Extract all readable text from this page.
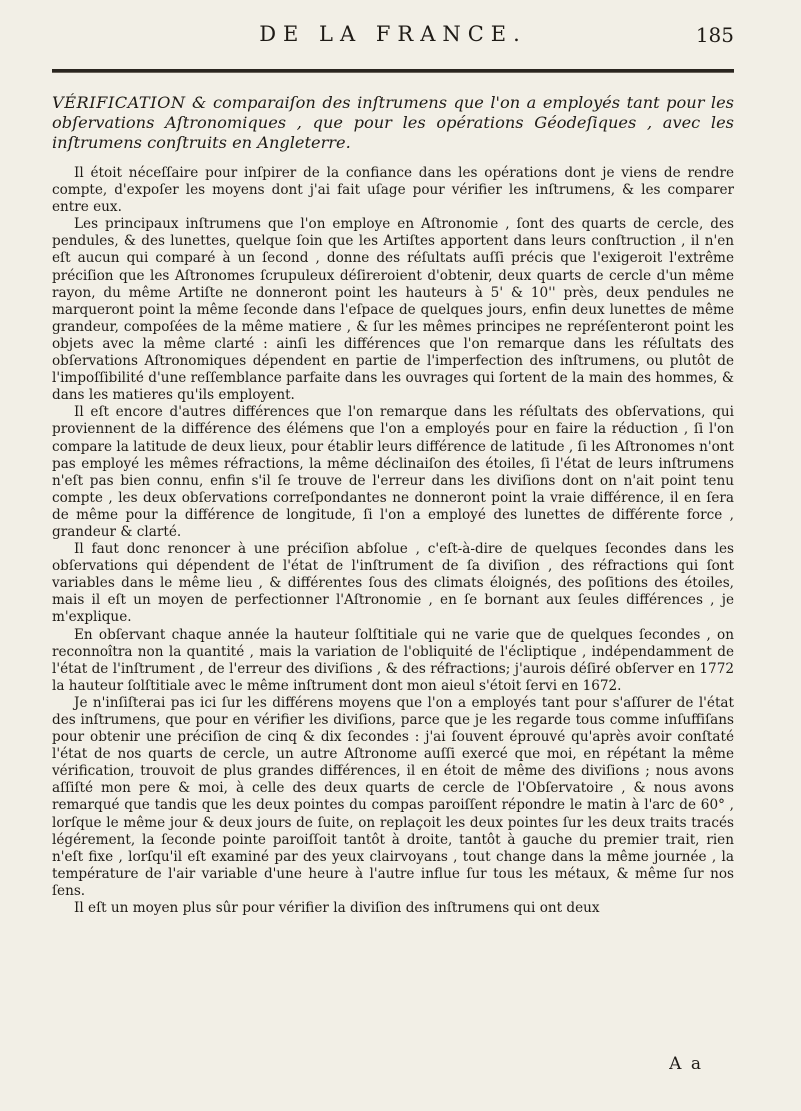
DE LA FRANCE.	185
VÉRIFICATION & comparaiſon des inſtrumens que l'on a employés tant pour les obſervations Aſtronomiques , que pour les opérations Géodeſiques , avec les inſtrumens conſtruits en Angleterre.

Il étoit néceſſaire pour inſpirer de la confiance dans les opérations dont je viens de rendre compte, d'expoſer les moyens dont j'ai fait uſage pour vérifier les inſtrumens, & les comparer entre eux.

Les principaux inſtrumens que l'on employe en Aſtronomie , ſont des quarts de cercle, des pendules, & des lunettes, quelque ſoin que les Artiſtes apportent dans leurs conſtruction , il n'en eſt aucun qui comparé à un ſecond , donne des réſultats auſſi précis que l'exigeroit l'extrême préciſion que les Aſtronomes ſcrupuleux déſireroient d'obtenir, deux quarts de cercle d'un même rayon, du même Artiſte ne donneront point les hauteurs à 5' & 10'' près, deux pendules ne marqueront point la même ſeconde dans l'eſpace de quelques jours, enfin deux lunettes de même grandeur, compoſées de la même matiere , & ſur les mêmes principes ne repréſenteront point les objets avec la même clarté : ainſi les différences que l'on remarque dans les réſultats des obſervations Aſtronomiques dépendent en partie de l'imperfection des inſtrumens, ou plutôt de l'impoſſibilité d'une reſſemblance parfaite dans les ouvrages qui ſortent de la main des hommes, & dans les matieres qu'ils employent.

Il eſt encore d'autres différences que l'on remarque dans les réſultats des obſervations, qui proviennent de la différence des élémens que l'on a employés pour en faire la réduction , ſi l'on compare la latitude de deux lieux, pour établir leurs différence de latitude , ſi les Aſtronomes n'ont pas employé les mêmes réfractions, la même déclinaiſon des étoiles, ſi l'état de leurs inſtrumens n'eſt pas bien connu, enfin s'il ſe trouve de l'erreur dans les diviſions dont on n'ait point tenu compte , les deux obſervations correſpondantes ne donneront point la vraie différence, il en ſera de même pour la différence de longitude, ſi l'on a employé des lunettes de différente force , grandeur & clarté.

Il faut donc renoncer à une préciſion abſolue , c'eſt-à-dire de quelques ſecondes dans les obſervations qui dépendent de l'état de l'inſtrument de ſa diviſion , des réfractions qui ſont variables dans le même lieu , & différentes ſous des climats éloignés, des poſitions des étoiles, mais il eſt un moyen de perfectionner l'Aſtronomie , en ſe bornant aux ſeules différences , je m'explique.

En obſervant chaque année la hauteur ſolſtitiale qui ne varie que de quelques ſecondes , on reconnoîtra non la quantité , mais la variation de l'obliquité de l'écliptique , indépendamment de l'état de l'inſtrument , de l'erreur des diviſions , & des réfractions; j'aurois déſiré obſerver en 1772 la hauteur ſolſtitiale avec le même inſtrument dont mon aieul s'étoit ſervi en 1672.

Je n'inſiſterai pas ici ſur les différens moyens que l'on a employés tant pour s'aſſurer de l'état des inſtrumens, que pour en vérifier les diviſions, parce que je les regarde tous comme inſuffiſans pour obtenir une préciſion de cinq & dix ſecondes : j'ai ſouvent éprouvé qu'après avoir conſtaté l'état de nos quarts de cercle, un autre Aſtronome auſſi exercé que moi, en répétant la même vérification, trouvoit de plus grandes différences, il en étoit de même des diviſions ; nous avons aſſiſté mon pere & moi, à celle des deux quarts de cercle de l'Obſervatoire , & nous avons remarqué que tandis que les deux pointes du compas paroiſſent répondre le matin à l'arc de 60° , lorſque le même jour & deux jours de ſuite, on replaçoit les deux pointes ſur les deux traits tracés légérement, la ſeconde pointe paroiſſoit tantôt à droite, tantôt à gauche du premier trait, rien n'eſt fixe , lorſqu'il eſt examiné par des yeux clairvoyans , tout change dans la même journée , la température de l'air variable d'une heure à l'autre influe ſur tous les métaux, & même ſur nos ſens.

Il eſt un moyen plus sûr pour vérifier la diviſion des inſtrumens qui ont deux

A a
